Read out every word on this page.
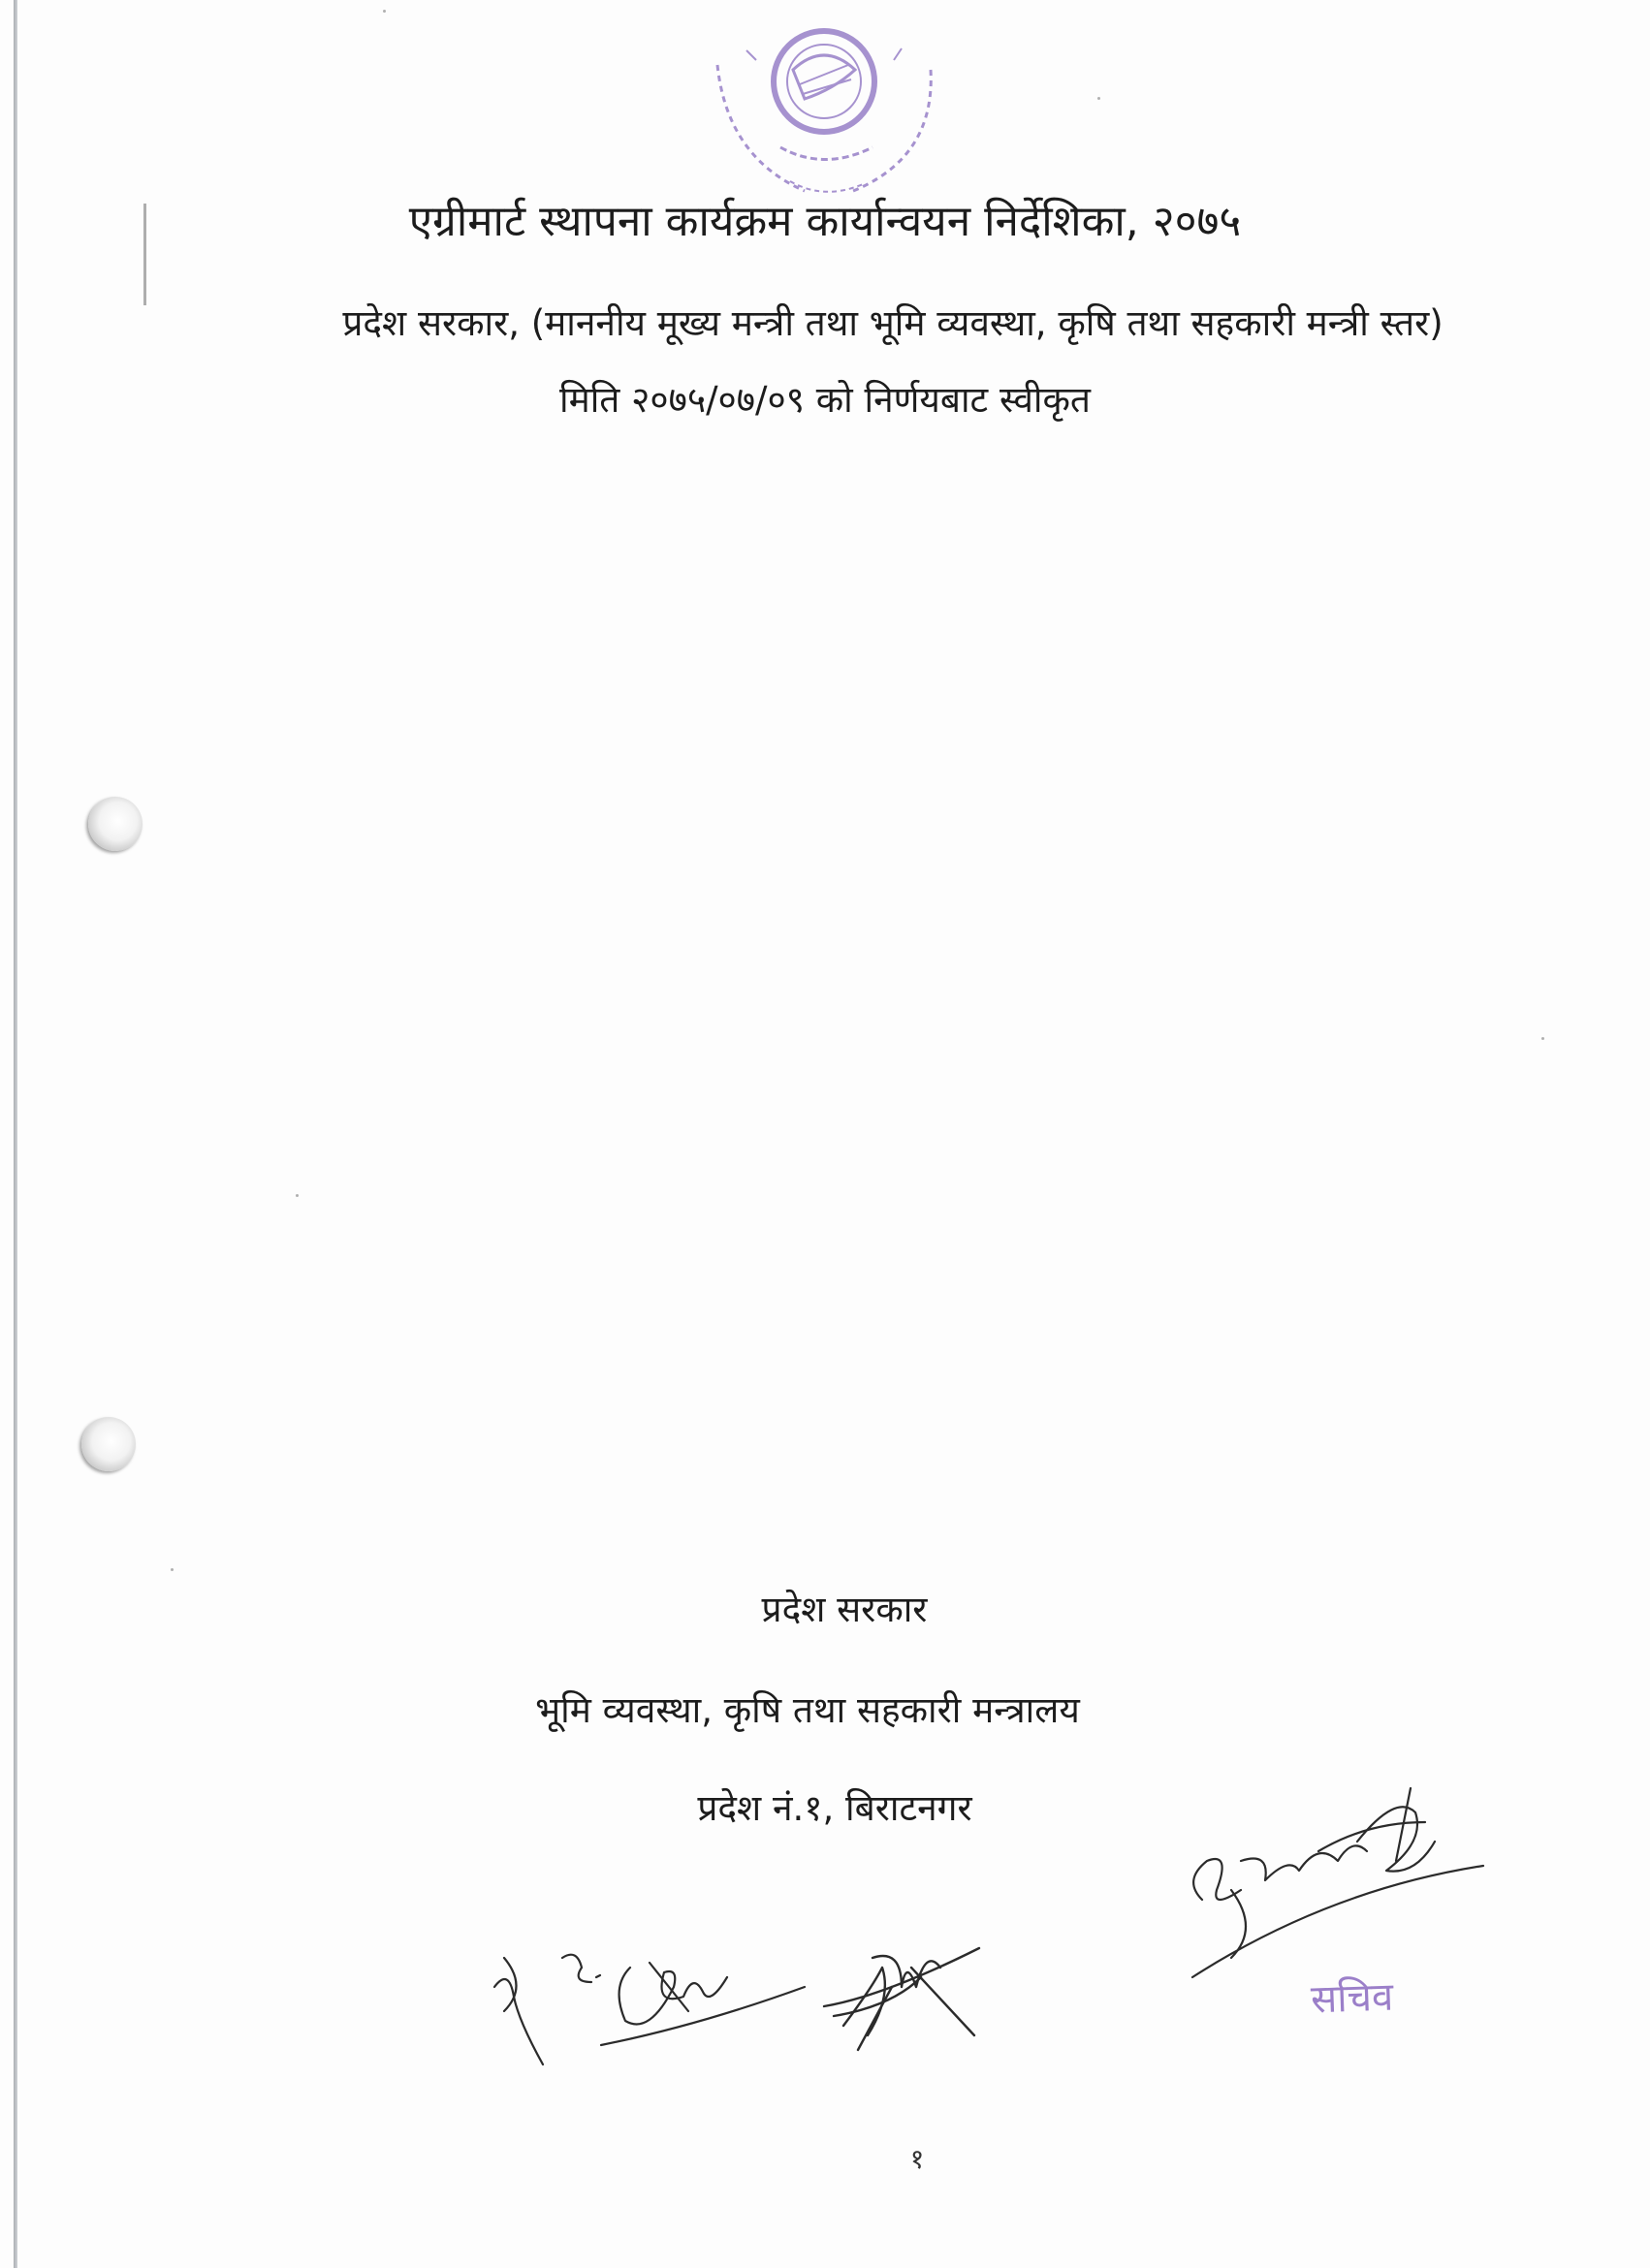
एग्रीमार्ट स्थापना कार्यक्रम कार्यान्वयन निर्देशिका, २०७५
प्रदेश सरकार, (माननीय मूख्य मन्त्री तथा भूमि व्यवस्था, कृषि तथा सहकारी मन्त्री स्तर)
मिति २०७५/०७/०९ को निर्णयबाट स्वीकृत
प्रदेश सरकार
भूमि व्यवस्था, कृषि तथा सहकारी मन्त्रालय
प्रदेश नं.१, बिराटनगर
सचिव
१
